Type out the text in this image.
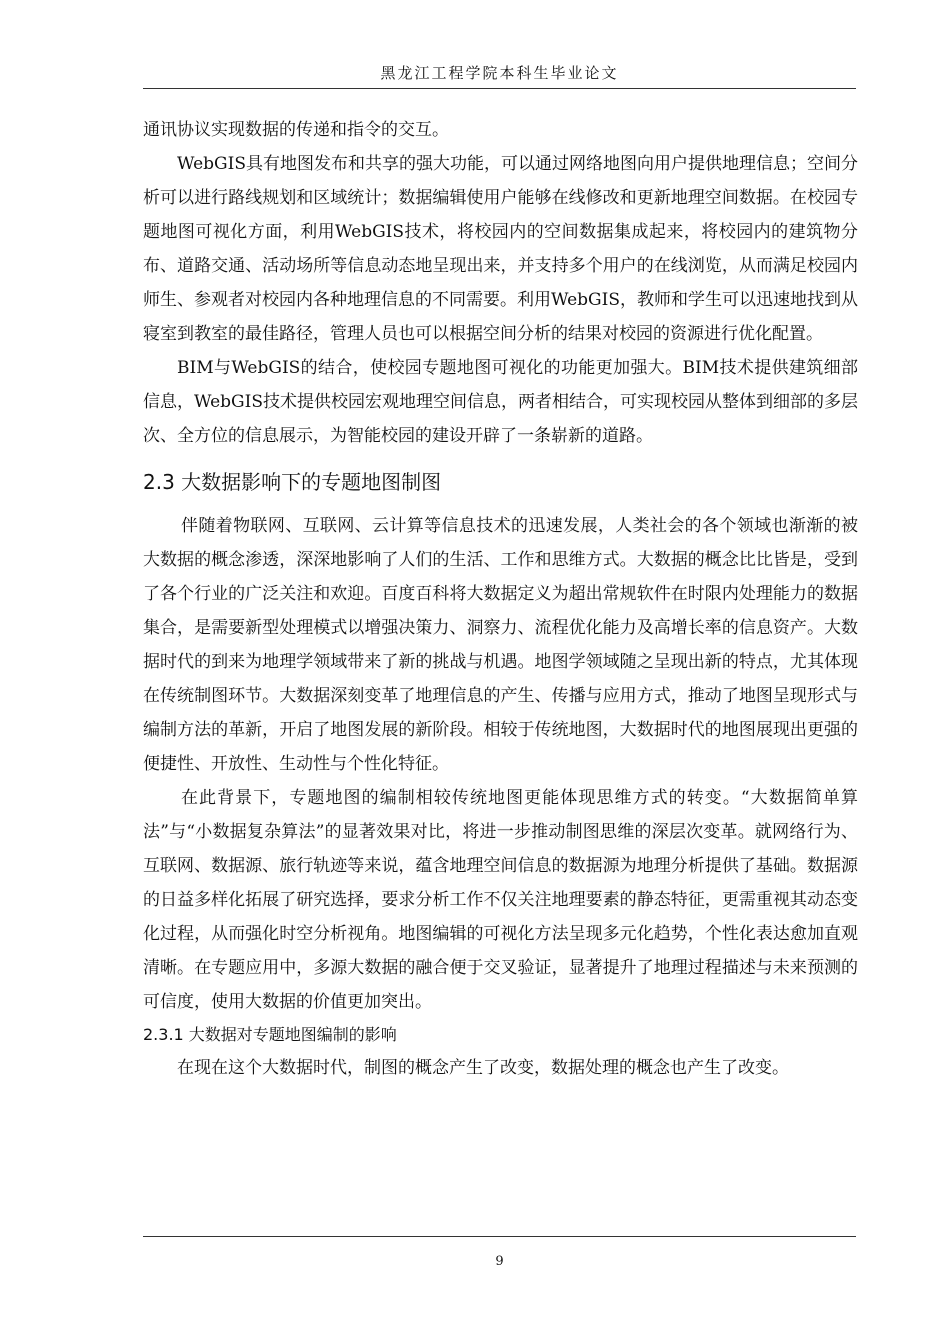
黑龙江工程学院本科生毕业论文

通讯协议实现数据的传递和指令的交互。

WebGIS具有地图发布和共享的强大功能，可以通过网络地图向用户提供地理信息；空间分析可以进行路线规划和区域统计；数据编辑使用户能够在线修改和更新地理空间数据。在校园专题地图可视化方面，利用WebGIS技术，将校园内的空间数据集成起来，将校园内的建筑物分布、道路交通、活动场所等信息动态地呈现出来，并支持多个用户的在线浏览，从而满足校园内师生、参观者对校园内各种地理信息的不同需要。利用WebGIS，教师和学生可以迅速地找到从寝室到教室的最佳路径，管理人员也可以根据空间分析的结果对校园的资源进行优化配置。

BIM与WebGIS的结合，使校园专题地图可视化的功能更加强大。BIM技术提供建筑细部信息，WebGIS技术提供校园宏观地理空间信息，两者相结合，可实现校园从整体到细部的多层次、全方位的信息展示，为智能校园的建设开辟了一条崭新的道路。

2.3 大数据影响下的专题地图制图

伴随着物联网、互联网、云计算等信息技术的迅速发展，人类社会的各个领域也渐渐的被大数据的概念渗透，深深地影响了人们的生活、工作和思维方式。大数据的概念比比皆是，受到了各个行业的广泛关注和欢迎。百度百科将大数据定义为超出常规软件在时限内处理能力的数据集合，是需要新型处理模式以增强决策力、洞察力、流程优化能力及高增长率的信息资产。大数据时代的到来为地理学领域带来了新的挑战与机遇。地图学领域随之呈现出新的特点，尤其体现在传统制图环节。大数据深刻变革了地理信息的产生、传播与应用方式，推动了地图呈现形式与编制方法的革新，开启了地图发展的新阶段。相较于传统地图，大数据时代的地图展现出更强的便捷性、开放性、生动性与个性化特征。

在此背景下，专题地图的编制相较传统地图更能体现思维方式的转变。“大数据简单算法”与“小数据复杂算法”的显著效果对比，将进一步推动制图思维的深层次变革。就网络行为、互联网、数据源、旅行轨迹等来说，蕴含地理空间信息的数据源为地理分析提供了基础。数据源的日益多样化拓展了研究选择，要求分析工作不仅关注地理要素的静态特征，更需重视其动态变化过程，从而强化时空分析视角。地图编辑的可视化方法呈现多元化趋势，个性化表达愈加直观清晰。在专题应用中，多源大数据的融合便于交叉验证，显著提升了地理过程描述与未来预测的可信度，使用大数据的价值更加突出。

2.3.1 大数据对专题地图编制的影响

在现在这个大数据时代，制图的概念产生了改变，数据处理的概念也产生了改变。

9
